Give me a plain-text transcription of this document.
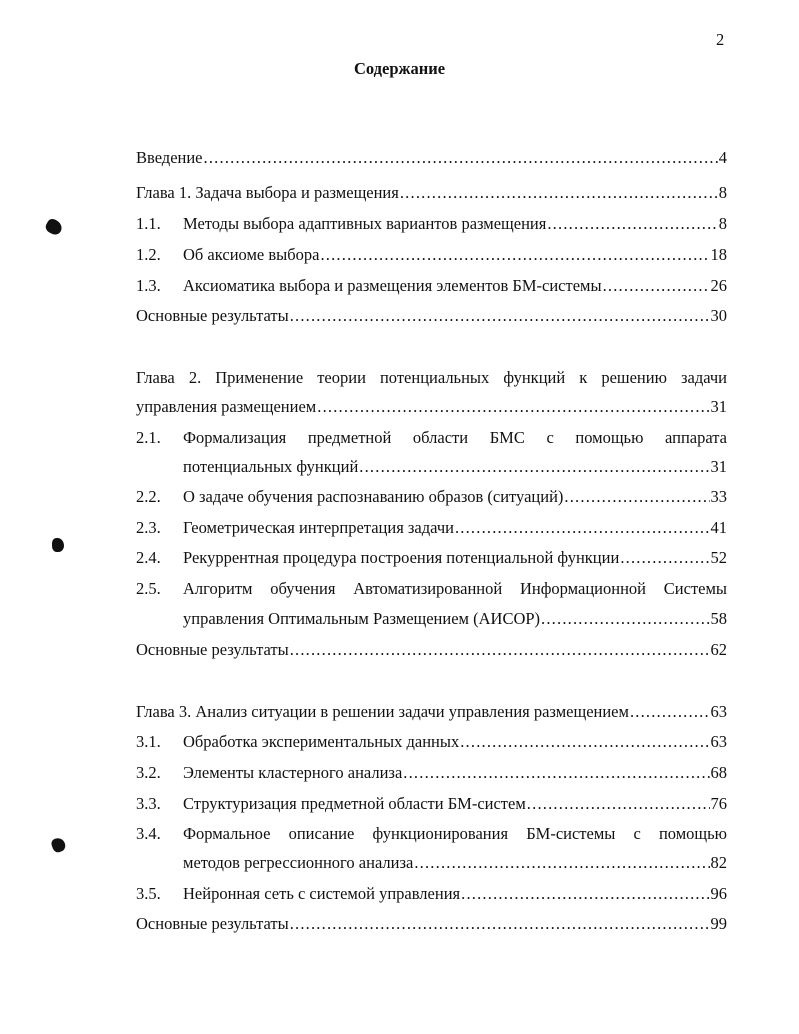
2
Содержание
Введение .....	4
Глава 1. Задача выбора и размещения .....	8
1.1.	Методы выбора адаптивных вариантов размещения .....	8
1.2.	Об аксиоме выбора .....	18
1.3.	Аксиоматика выбора и размещения элементов БМ-системы .....	26
Основные результаты .....	30
Глава 2. Применение теории потенциальных функций к решению задачи
управления размещением .....	31
2.1. Формализация предметной области БМС с помощью аппарата
потенциальных функций .....	31
2.2.	О задаче обучения распознаванию образов (ситуаций) .....	33
2.3.	Геометрическая интерпретация задачи .....	41
2.4.	Рекуррентная процедура построения потенциальной функции .....	52
2.5. Алгоритм обучения Автоматизированной Информационной Системы
управления Оптимальным Размещением (АИСОР) .....	58
Основные результаты .....	62
Глава 3. Анализ ситуации в решении задачи управления размещением .....	63
3.1.	Обработка экспериментальных данных .....	63
3.2.	Элементы кластерного анализа .....	68
3.3.	Структуризация предметной области БМ-систем .....	76
3.4. Формальное описание функционирования БМ-системы с помощью
методов регрессионного анализа .....	82
3.5.	Нейронная сеть с системой управления .....	96
Основные результаты .....	99
